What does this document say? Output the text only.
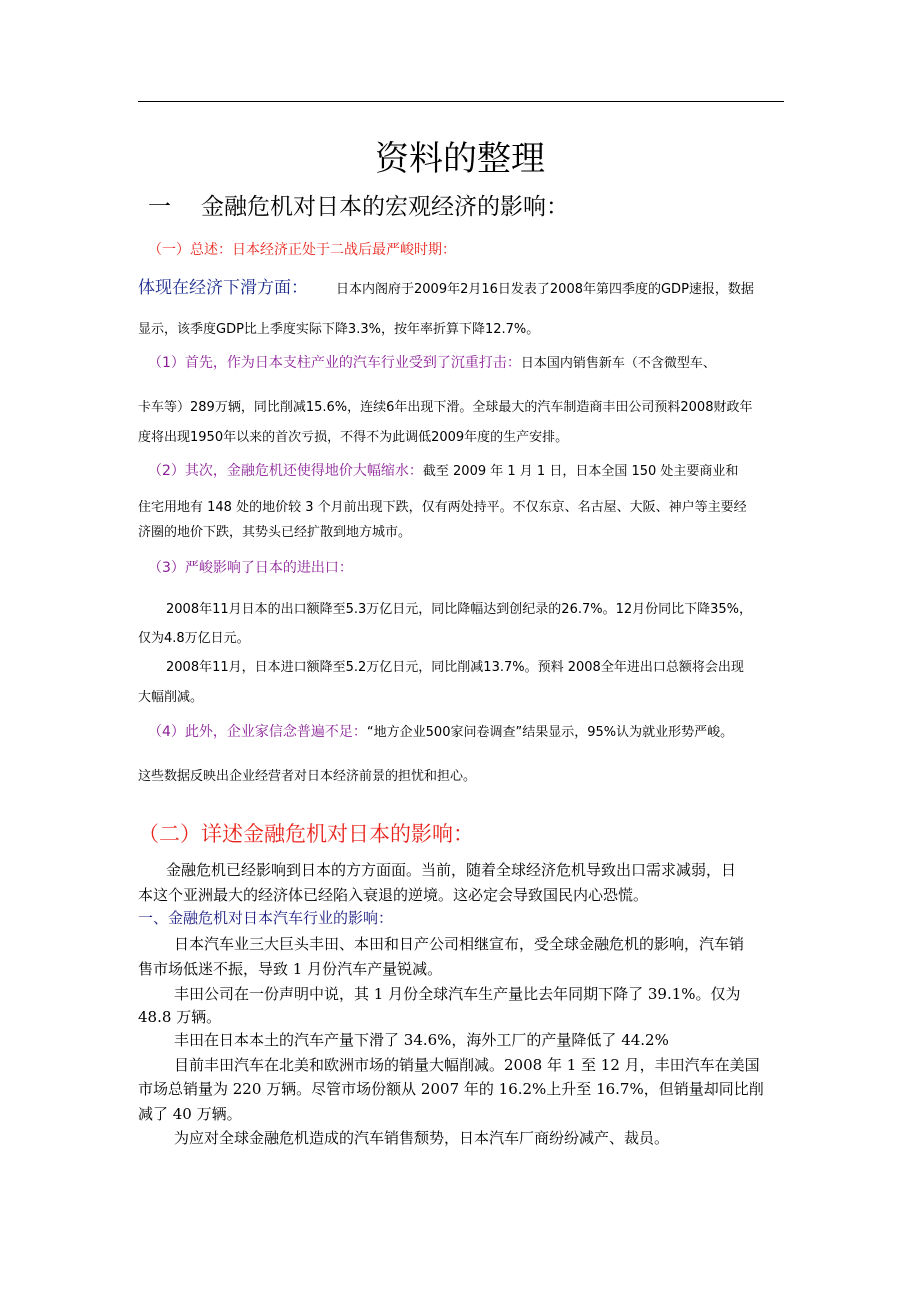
资料的整理
一 金融危机对日本的宏观经济的影响：
（一）总述：日本经济正处于二战后最严峻时期：
体现在经济下滑方面： 日本内阁府于2009年2月16日发表了2008年第四季度的GDP速报，数据
显示，该季度GDP比上季度实际下降3.3%，按年率折算下降12.7%。
（1）首先，作为日本支柱产业的汽车行业受到了沉重打击：日本国内销售新车（不含微型车、
卡车等）289万辆，同比削减15.6%，连续6年出现下滑。全球最大的汽车制造商丰田公司预料2008财政年
度将出现1950年以来的首次亏损，不得不为此调低2009年度的生产安排。
（2）其次，金融危机还使得地价大幅缩水：截至 2009 年 1 月 1 日，日本全国 150 处主要商业和
住宅用地有 148 处的地价较 3 个月前出现下跌，仅有两处持平。不仅东京、名古屋、大阪、神户等主要经
济圈的地价下跌，其势头已经扩散到地方城市。
（3）严峻影响了日本的进出口：
2008年11月日本的出口额降至5.3万亿日元，同比降幅达到创纪录的26.7%。12月份同比下降35%，
仅为4.8万亿日元。
2008年11月，日本进口额降至5.2万亿日元，同比削减13.7%。预料 2008全年进出口总额将会出现
大幅削减。
（4）此外，企业家信念普遍不足：“地方企业500家问卷调查”结果显示，95%认为就业形势严峻。
这些数据反映出企业经营者对日本经济前景的担忧和担心。
（二）详述金融危机对日本的影响：
金融危机已经影响到日本的方方面面。当前，随着全球经济危机导致出口需求减弱，日
本这个亚洲最大的经济体已经陷入衰退的逆境。这必定会导致国民内心恐慌。
一、金融危机对日本汽车行业的影响：
日本汽车业三大巨头丰田、本田和日产公司相继宣布，受全球金融危机的影响，汽车销
售市场低迷不振，导致 1 月份汽车产量锐减。
丰田公司在一份声明中说，其 1 月份全球汽车生产量比去年同期下降了 39.1%。仅为
48.8 万辆。
丰田在日本本土的汽车产量下滑了 34.6%，海外工厂的产量降低了 44.2%
目前丰田汽车在北美和欧洲市场的销量大幅削减。2008 年 1 至 12 月，丰田汽车在美国
市场总销量为 220 万辆。尽管市场份额从 2007 年的 16.2%上升至 16.7%，但销量却同比削
减了 40 万辆。
为应对全球金融危机造成的汽车销售颓势，日本汽车厂商纷纷减产、裁员。
